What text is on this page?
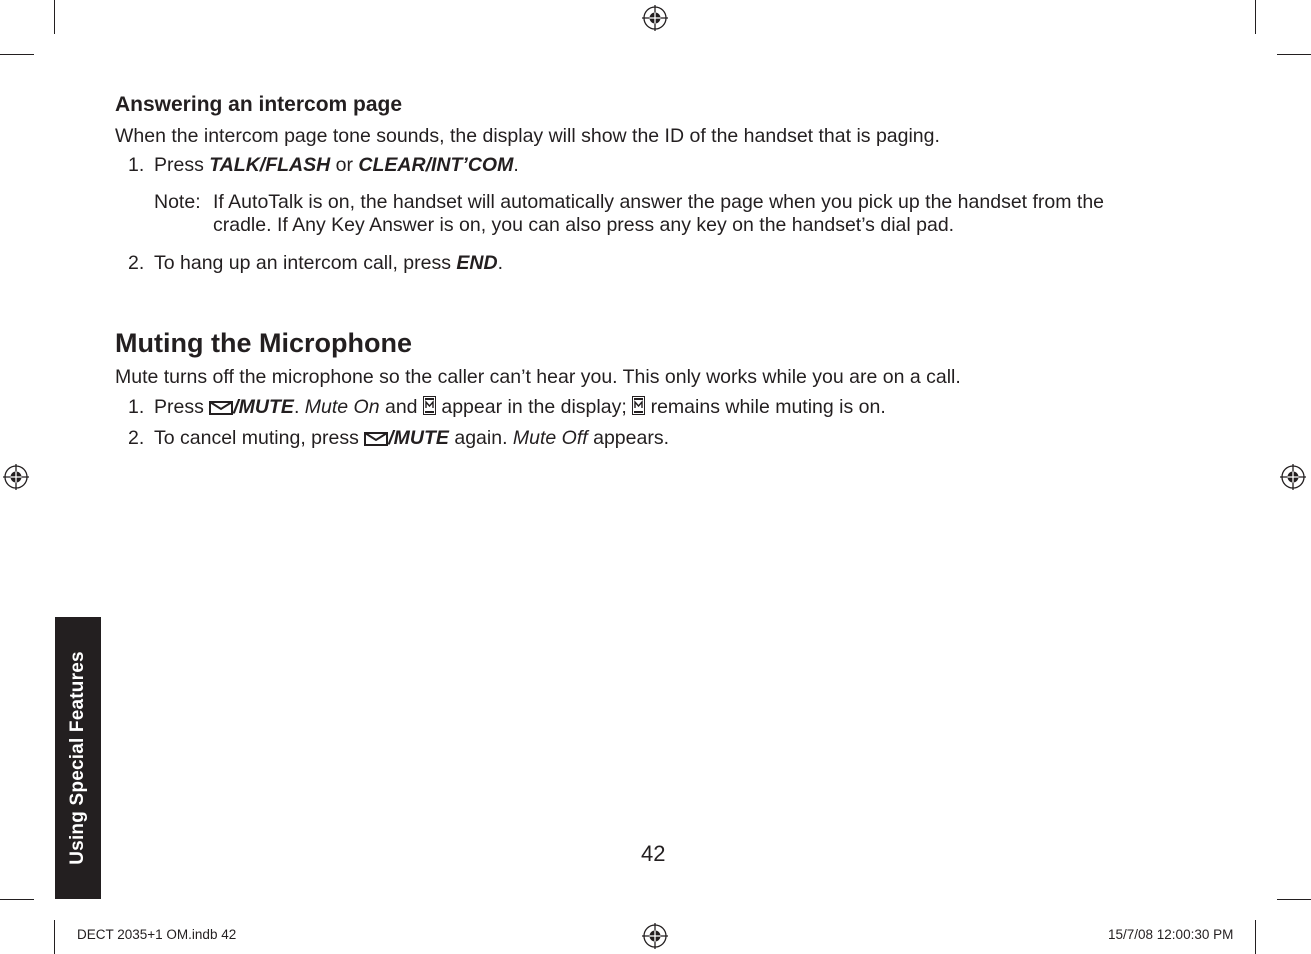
Answering an intercom page
When the intercom page tone sounds, the display will show the ID of the handset that is paging.
1. Press TALK/FLASH or CLEAR/INT’COM.
Note: If AutoTalk is on, the handset will automatically answer the page when you pick up the handset from the
cradle. If Any Key Answer is on, you can also press any key on the handset’s dial pad.
2. To hang up an intercom call, press END.
Muting the Microphone
Mute turns off the microphone so the caller can’t hear you. This only works while you are on a call.
1. Press /MUTE. Mute On and  appear in the display;  remains while muting is on.
2. To cancel muting, press /MUTE again. Mute Off appears.
Using Special Features	42
DECT 2035+1 OM.indb 42	15/7/08 12:00:30 PM
